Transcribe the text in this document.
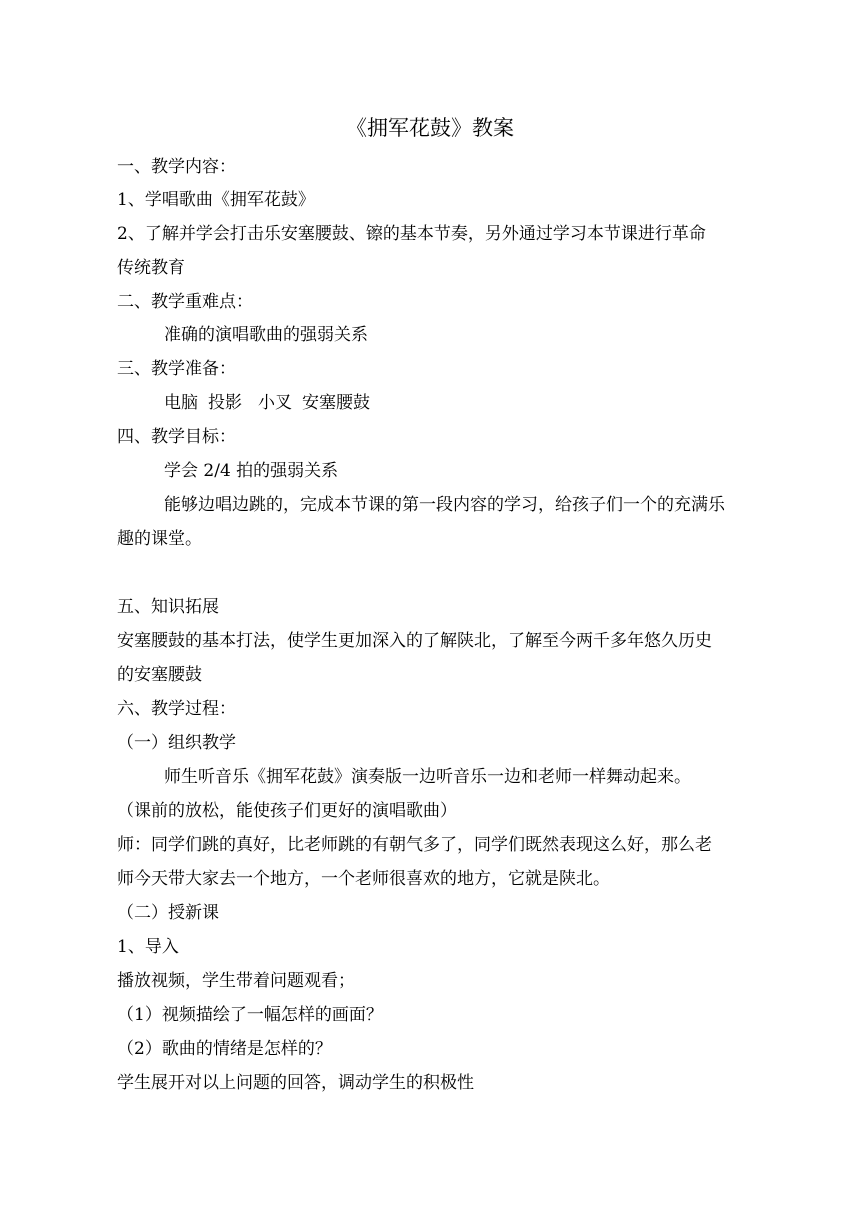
《拥军花鼓》教案
一、教学内容：
1、学唱歌曲《拥军花鼓》
2、了解并学会打击乐安塞腰鼓、镲的基本节奏，另外通过学习本节课进行革命
传统教育
二、教学重难点：
准确的演唱歌曲的强弱关系
三、教学准备：
电脑 投影 小叉 安塞腰鼓
四、教学目标：
学会 2/4 拍的强弱关系
能够边唱边跳的，完成本节课的第一段内容的学习，给孩子们一个的充满乐
趣的课堂。
五、知识拓展
安塞腰鼓的基本打法，使学生更加深入的了解陕北，了解至今两千多年悠久历史
的安塞腰鼓
六、教学过程：
（一）组织教学
师生听音乐《拥军花鼓》演奏版一边听音乐一边和老师一样舞动起来。
（课前的放松，能使孩子们更好的演唱歌曲）
师：同学们跳的真好，比老师跳的有朝气多了，同学们既然表现这么好，那么老
师今天带大家去一个地方，一个老师很喜欢的地方，它就是陕北。
（二）授新课
1、导入
播放视频，学生带着问题观看；
（1）视频描绘了一幅怎样的画面？
（2）歌曲的情绪是怎样的？
学生展开对以上问题的回答，调动学生的积极性
